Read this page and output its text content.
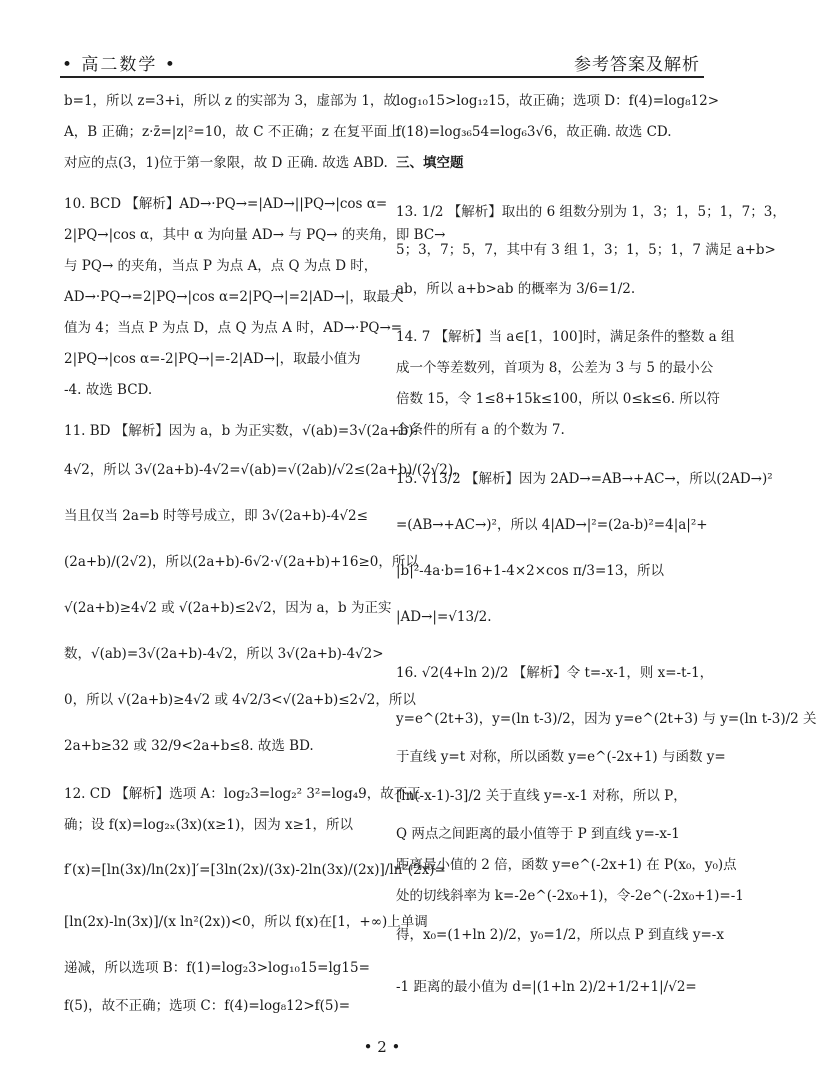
• 高二数学 •	参考答案及解析
b=1，所以 z=3+i，所以 z 的实部为 3，虚部为 1，故
A，B 正确；z·z̄=|z|²=10，故 C 不正确；z 在复平面上
对应的点(3，1)位于第一象限，故 D 正确. 故选 ABD.
10. BCD 【解析】AD→·PQ→=|AD→||PQ→|cos α=
2|PQ→|cos α，其中 α 为向量 AD→ 与 PQ→ 的夹角，即 BC→
与 PQ→ 的夹角，当点 P 为点 A，点 Q 为点 D 时，
AD→·PQ→=2|PQ→|cos α=2|PQ→|=2|AD→|，取最大
值为 4；当点 P 为点 D，点 Q 为点 A 时，AD→·PQ→=
2|PQ→|cos α=-2|PQ→|=-2|AD→|，取最小值为
-4. 故选 BCD.
11. BD 【解析】因为 a，b 为正实数，√(ab)=3√(2a+b)-
4√2，所以 3√(2a+b)-4√2=√(ab)=√(2ab)/√2≤(2a+b)/(2√2)，
当且仅当 2a=b 时等号成立，即 3√(2a+b)-4√2≤
(2a+b)/(2√2)，所以(2a+b)-6√2·√(2a+b)+16≥0，所以
√(2a+b)≥4√2 或 √(2a+b)≤2√2，因为 a，b 为正实
数，√(ab)=3√(2a+b)-4√2，所以 3√(2a+b)-4√2>
0，所以 √(2a+b)≥4√2 或 4√2/3<√(2a+b)≤2√2，所以
2a+b≥32 或 32/9<2a+b≤8. 故选 BD.
12. CD 【解析】选项 A：log₂3=log₂² 3²=log₄9，故不正
确；设 f(x)=log₂ₓ(3x)(x≥1)，因为 x≥1，所以
f′(x)=[ln(3x)/ln(2x)]′=[3ln(2x)/(3x)-2ln(3x)/(2x)]/ln²(2x)=
[ln(2x)-ln(3x)]/(x ln²(2x))<0，所以 f(x)在[1，+∞)上单调
递减，所以选项 B：f(1)=log₂3>log₁₀15=lg15=
f(5)，故不正确；选项 C：f(4)=log₈12>f(5)=
log₁₀15>log₁₂15，故正确；选项 D：f(4)=log₈12>
f(18)=log₃₆54=log₆3√6，故正确. 故选 CD.
三、填空题
13. 1/2 【解析】取出的 6 组数分别为 1，3；1，5；1，7；3，
5；3，7；5，7，其中有 3 组 1，3；1，5；1，7 满足 a+b>
ab，所以 a+b>ab 的概率为 3/6=1/2.
14. 7 【解析】当 a∈[1，100]时，满足条件的整数 a 组
成一个等差数列，首项为 8，公差为 3 与 5 的最小公
倍数 15，令 1≤8+15k≤100，所以 0≤k≤6. 所以符
合条件的所有 a 的个数为 7.
15. √13/2 【解析】因为 2AD→=AB→+AC→，所以(2AD→)²
=(AB→+AC→)²，所以 4|AD→|²=(2a-b)²=4|a|²+
|b|²-4a·b=16+1-4×2×cos π/3=13，所以
|AD→|=√13/2.
16. √2(4+ln 2)/2 【解析】令 t=-x-1，则 x=-t-1，
y=e^(2t+3)，y=(ln t-3)/2，因为 y=e^(2t+3) 与 y=(ln t-3)/2 关
于直线 y=t 对称，所以函数 y=e^(-2x+1) 与函数 y=
[ln(-x-1)-3]/2 关于直线 y=-x-1 对称，所以 P，
Q 两点之间距离的最小值等于 P 到直线 y=-x-1
距离最小值的 2 倍，函数 y=e^(-2x+1) 在 P(x₀，y₀)点
处的切线斜率为 k=-2e^(-2x₀+1)，令-2e^(-2x₀+1)=-1
得，x₀=(1+ln 2)/2，y₀=1/2，所以点 P 到直线 y=-x
-1 距离的最小值为 d=|(1+ln 2)/2+1/2+1|/√2=
• 2 •
